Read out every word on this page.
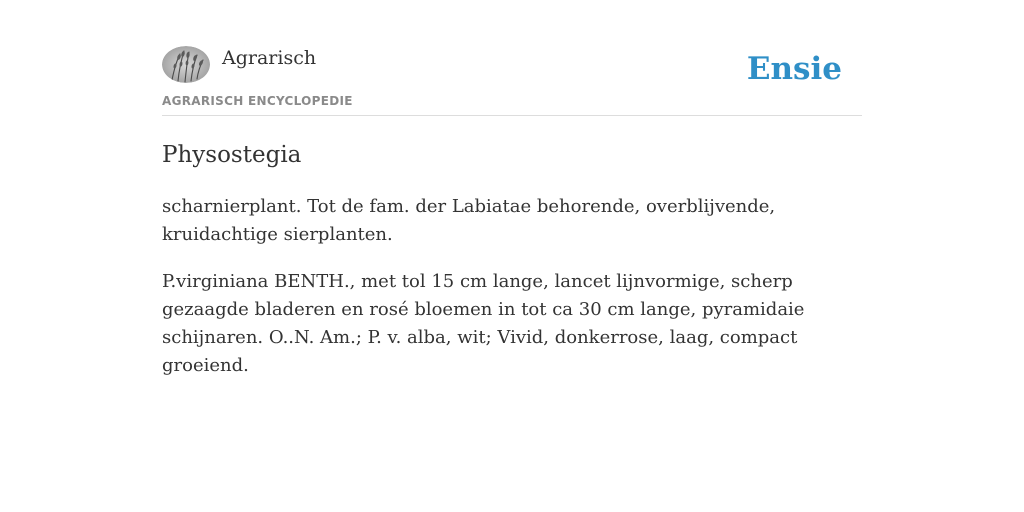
Agrarisch
AGRARISCH ENCYCLOPEDIE
Ensie
Physostegia

scharnierplant. Tot de fam. der Labiatae behorende, overblijvende, kruidachtige sierplanten.

P.virginiana BENTH., met tol 15 cm lange, lancet lijnvormige, scherp gezaagde bladeren en rosé bloemen in tot ca 30 cm lange, pyramidaie schijnaren. O..N. Am.; P. v. alba, wit; Vivid, donkerrose, laag, compact groeiend.
